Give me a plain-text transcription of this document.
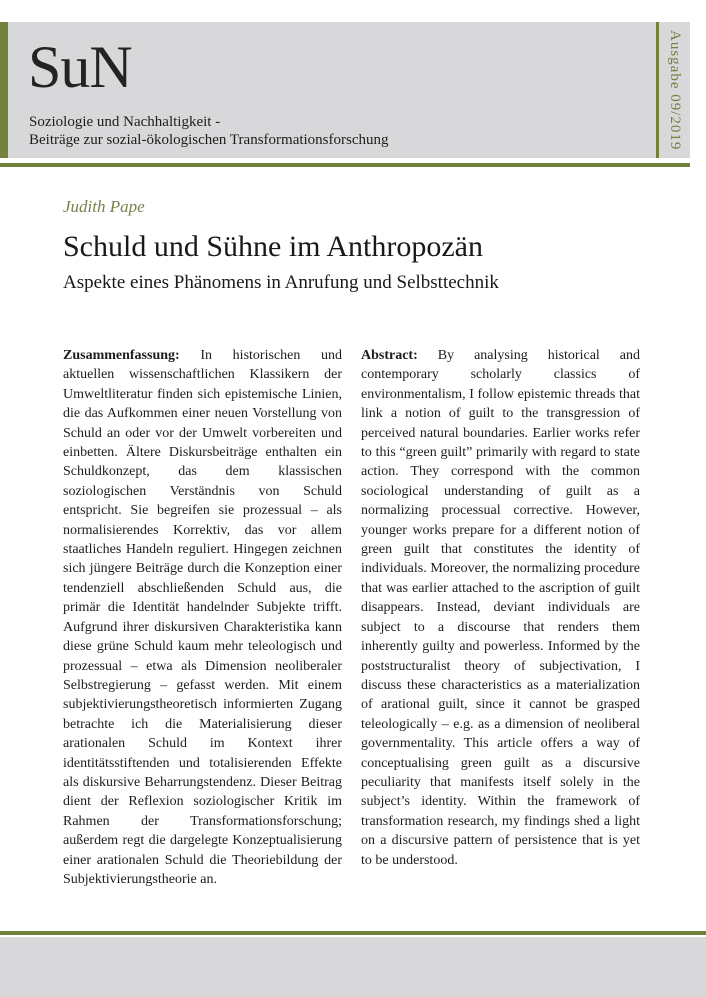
SuN
Soziologie und Nachhaltigkeit -
Beiträge zur sozial-ökologischen Transformationsforschung	Ausgabe 09/2019
Judith Pape
Schuld und Sühne im Anthropozän
Aspekte eines Phänomens in Anrufung und Selbsttechnik

Zusammenfassung: In historischen und aktuellen wissenschaftlichen Klassikern der Umweltliteratur finden sich epistemische Linien, die das Aufkommen einer neuen Vorstellung von Schuld an oder vor der Umwelt vorbereiten und einbetten. Ältere Diskursbeiträge enthalten ein Schuldkonzept, das dem klassischen soziologischen Verständnis von Schuld entspricht. Sie begreifen sie prozessual – als normalisierendes Korrektiv, das vor allem staatliches Handeln reguliert. Hingegen zeichnen sich jüngere Beiträge durch die Konzeption einer tendenziell abschließenden Schuld aus, die primär die Identität handelnder Subjekte trifft. Aufgrund ihrer diskursiven Charakteristika kann diese grüne Schuld kaum mehr teleologisch und prozessual – etwa als Dimension neoliberaler Selbstregierung – gefasst werden. Mit einem subjektivierungstheoretisch informierten Zugang betrachte ich die Materialisierung dieser arationalen Schuld im Kontext ihrer identitätsstiftenden und totalisierenden Effekte als diskursive Beharrungstendenz. Dieser Beitrag dient der Reflexion soziologischer Kritik im Rahmen der Transformationsforschung; außerdem regt die dargelegte Konzeptualisierung einer arationalen Schuld die Theoriebildung der Subjektivierungstheorie an.

Abstract: By analysing historical and contemporary scholarly classics of environmentalism, I follow epistemic threads that link a notion of guilt to the transgression of perceived natural boundaries. Earlier works refer to this “green guilt” primarily with regard to state action. They correspond with the common sociological understanding of guilt as a normalizing processual corrective. However, younger works prepare for a different notion of green guilt that constitutes the identity of individuals. Moreover, the normalizing procedure that was earlier attached to the ascription of guilt disappears. Instead, deviant individuals are subject to a discourse that renders them inherently guilty and powerless. Informed by the poststructuralist theory of subjectivation, I discuss these characteristics as a materialization of arational guilt, since it cannot be grasped teleologically – e.g. as a dimension of neoliberal governmentality. This article offers a way of conceptualising green guilt as a discursive peculiarity that manifests itself solely in the subject’s identity. Within the framework of transformation research, my findings shed a light on a discursive pattern of persistence that is yet to be understood.
